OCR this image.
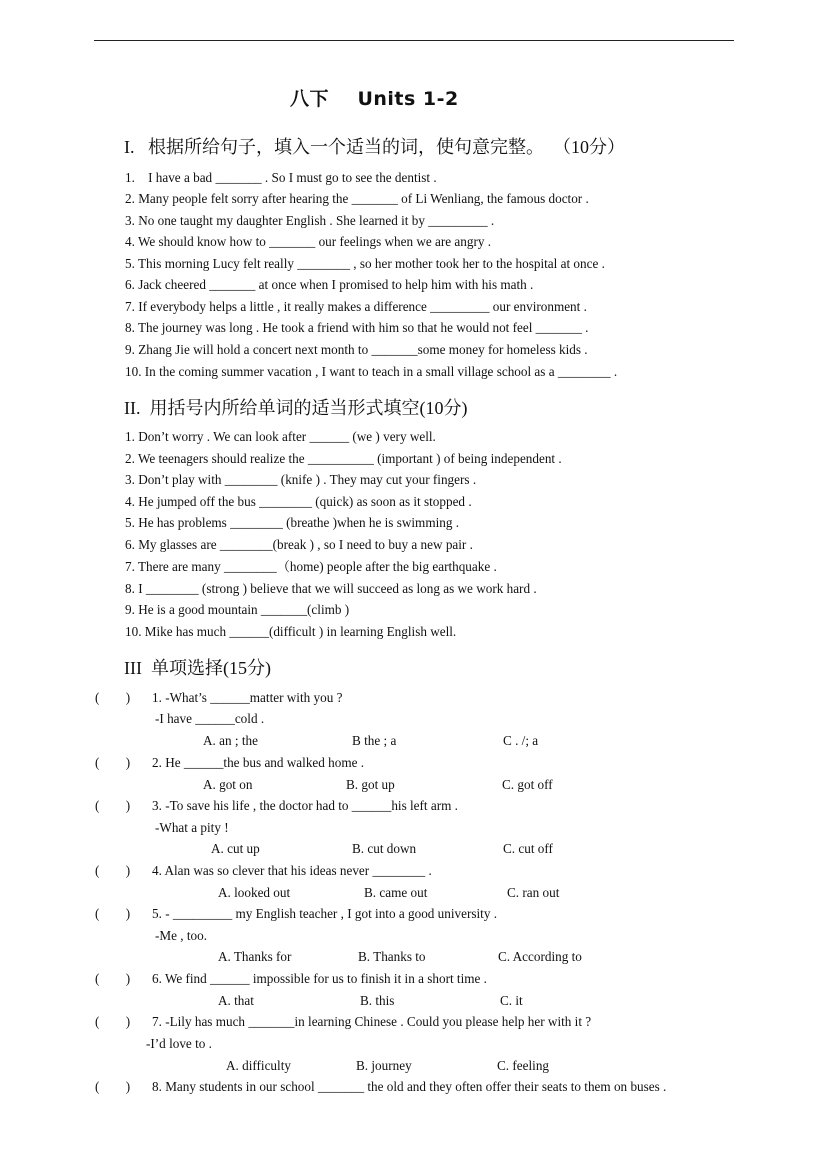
八下    Units 1-2
I.   根据所给句子，填入一个适当的词，使句意完整。  （10分）
1.    I have a bad _______ . So I must go to see the dentist .
2. Many people felt sorry after hearing the _______ of Li Wenliang, the famous doctor .
3. No one taught my daughter English . She learned it by _________ .
4. We should know how to _______ our feelings when we are angry .
5. This morning Lucy felt really ________ , so her mother took her to the hospital at once .
6. Jack cheered _______ at once when I promised to help him with his math .
7. If everybody helps a little , it really makes a difference _________ our environment .
8. The journey was long . He took a friend with him so that he would not feel _______ .
9. Zhang Jie will hold a concert next month to _______some money for homeless kids .
10. In the coming summer vacation , I want to teach in a small village school as a ________ .
II.  用括号内所给单词的适当形式填空(10分)
1. Don’t worry . We can look after ______ (we ) very well.
2. We teenagers should realize the __________ (important ) of being independent .
3. Don’t play with ________ (knife ) . They may cut your fingers .
4. He jumped off the bus ________ (quick) as soon as it stopped .
5. He has problems ________ (breathe )when he is swimming .
6. My glasses are ________(break ) , so I need to buy a new pair .
7. There are many ________（home) people after the big earthquake .
8. I ________ (strong ) believe that we will succeed as long as we work hard .
9. He is a good mountain _______(climb )
10. Mike has much ______(difficult ) in learning English well.
III  单项选择(15分)
(        ) 1. -What’s ______matter with you ?
-I have ______cold .
A. an ; the	B the ; a	C . /; a
(        ) 2. He ______the bus and walked home .
A. got on	B. got up	C. got off
(        ) 3. -To save his life , the doctor had to ______his left arm .
-What a pity !
A. cut up	B. cut down	C. cut off
(        ) 4. Alan was so clever that his ideas never ________ .
A. looked out	B. came out	C. ran out
(        ) 5. - _________ my English teacher , I got into a good university .
-Me , too.
A. Thanks for	B. Thanks to	C. According to
(        ) 6. We find ______ impossible for us to finish it in a short time .
A. that	B. this	C. it
(        ) 7. -Lily has much _______in learning Chinese . Could you please help her with it ?
-I’d love to .
A. difficulty	B. journey	C. feeling
(        ) 8. Many students in our school _______ the old and they often offer their seats to them on buses .
